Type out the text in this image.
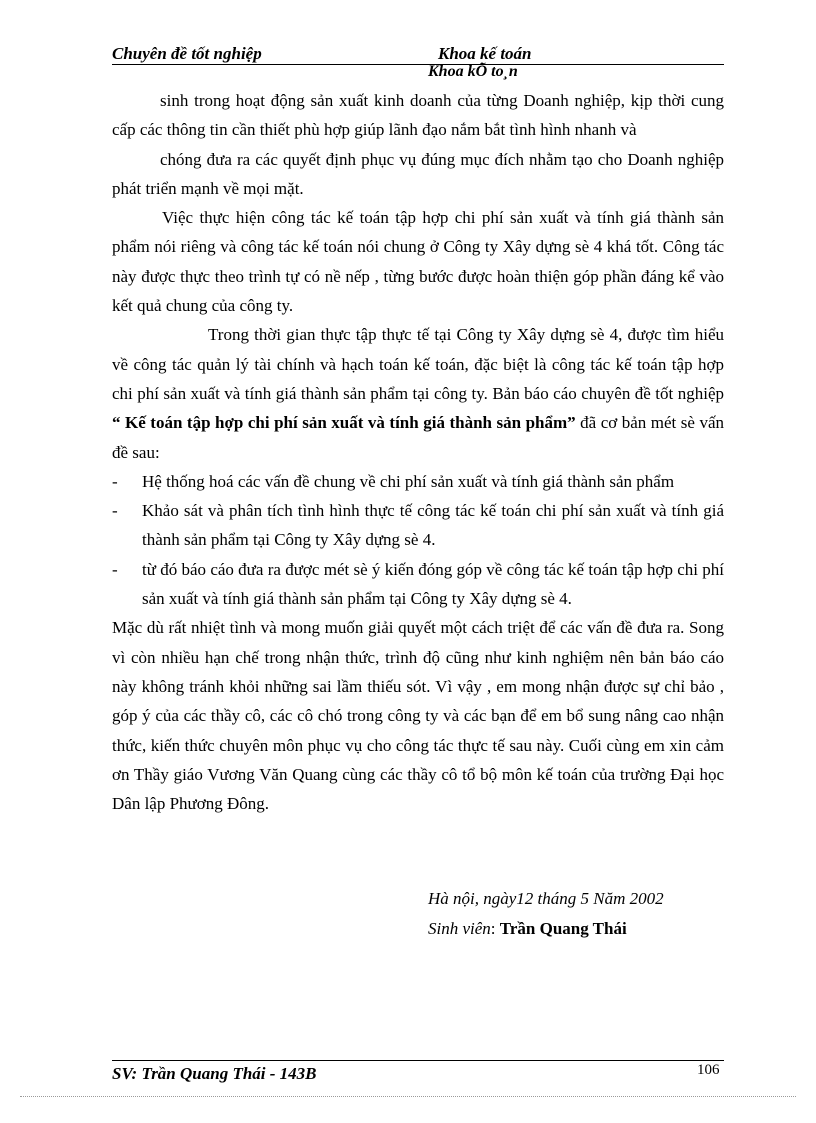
Chuyên đề tốt nghiệp	Khoa kế toán
Khoa kÕ to¸n

sinh trong hoạt động sản xuất kinh doanh của từng Doanh nghiệp, kịp thời cung cấp các thông tin cần thiết phù hợp giúp lãnh đạo nắm bắt tình hình nhanh và

chóng đưa ra các quyết định phục vụ đúng mục đích nhằm tạo cho Doanh nghiệp phát triển mạnh về mọi mặt.

Việc thực hiện công tác kế toán tập hợp chi phí sản xuất và tính giá thành sản phẩm nói riêng và công tác kế toán nói chung ở Công ty Xây dựng sè 4 khá tốt. Công tác này được thực theo trình tự có nề nếp , từng bước được hoàn thiện góp phần đáng kể vào kết quả chung của công ty.

Trong thời gian thực tập thực tế tại Công ty Xây dựng sè 4, được tìm hiểu về công tác quản lý tài chính và hạch toán kế toán, đặc biệt là công tác kế toán tập hợp chi phí sản xuất và tính giá thành sản phẩm tại công ty. Bản báo cáo chuyên đề tốt nghiệp “ Kế toán tập hợp chi phí sản xuất và tính giá thành sản phẩm” đã cơ bản mét sè vấn đề sau:

-	Hệ thống hoá các vấn đề chung về chi phí sản xuất và tính giá thành sản phẩm
-	Khảo sát và phân tích tình hình thực tế công tác kế toán chi phí sản xuất và tính giá thành sản phẩm tại Công ty Xây dựng sè 4.
-	từ đó báo cáo đưa ra được mét sè ý kiến đóng góp về công tác kế toán tập hợp chi phí sản xuất và tính giá thành sản phẩm tại Công ty Xây dựng sè 4.

Mặc dù rất nhiệt tình và mong muốn giải quyết một cách triệt để các vấn đề đưa ra. Song vì còn nhiều hạn chế trong nhận thức, trình độ cũng như kinh nghiệm nên bản báo cáo này không tránh khỏi những sai lầm thiếu sót. Vì vậy , em mong nhận được sự chỉ bảo , góp ý của các thầy cô, các cô chó trong công ty và các bạn để em bổ sung nâng cao nhận thức, kiến thức chuyên môn phục vụ cho công tác thực tế sau này. Cuối cùng em xin cảm ơn Thầy giáo Vương Văn Quang cùng các thầy cô tổ bộ môn kế toán của trường Đại học Dân lập Phương Đông.

Hà nội, ngày12 tháng 5 Năm 2002
Sinh viên: Trần Quang Thái
SV: Trần Quang Thái - 143B	106
